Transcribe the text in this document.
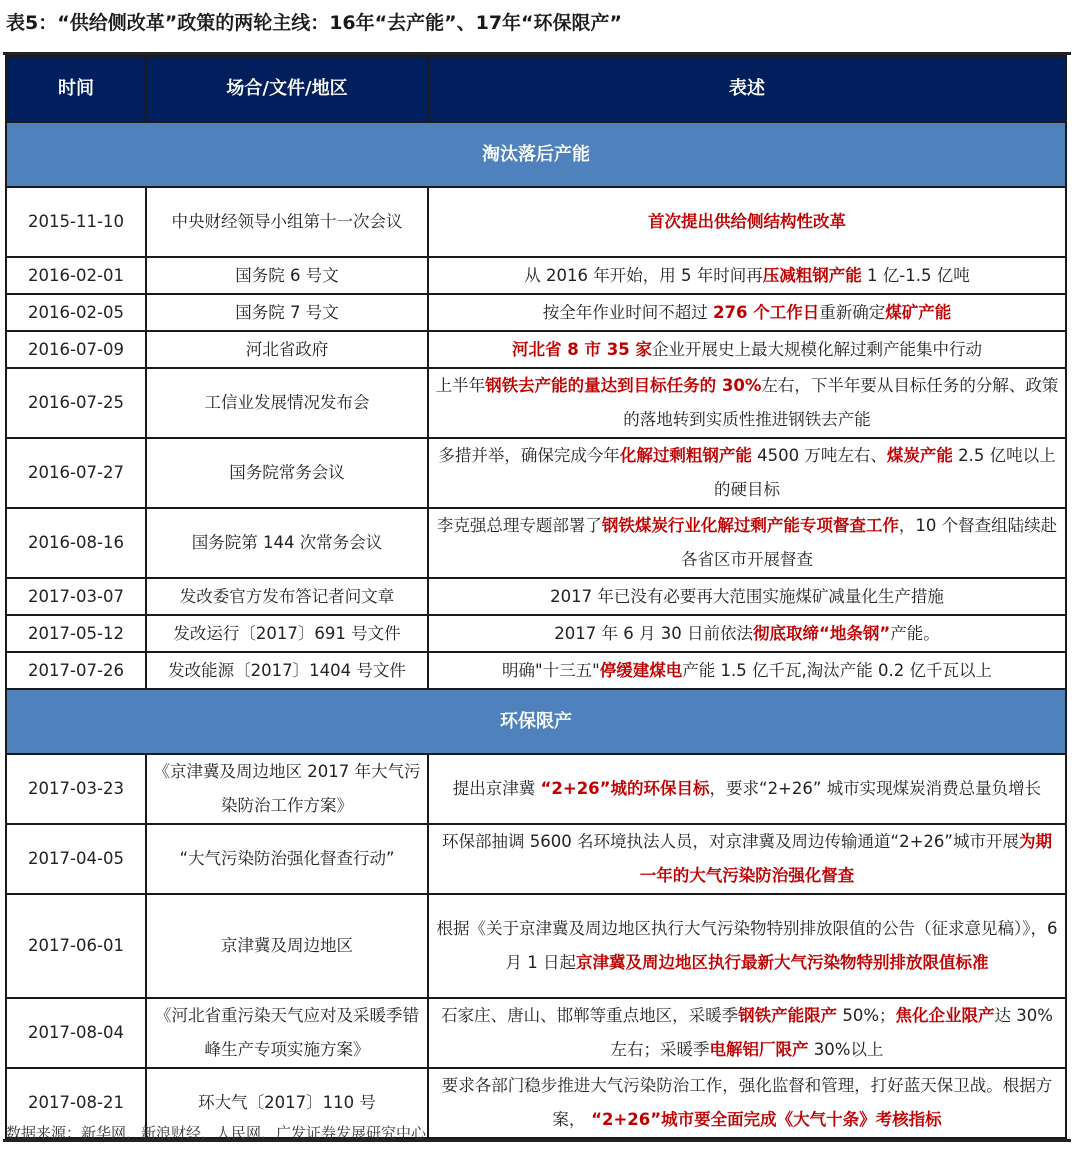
表5：“供给侧改革”政策的两轮主线：16年“去产能”、17年“环保限产”
时间	场合/文件/地区	表述
淘汰落后产能		
2015-11-10	中央财经领导小组第十一次会议	首次提出供给侧结构性改革
2016-02-01	国务院 6 号文	从 2016 年开始，用 5 年时间再压减粗钢产能 1 亿-1.5 亿吨
2016-02-05	国务院 7 号文	按全年作业时间不超过 276 个工作日重新确定煤矿产能
2016-07-09	河北省政府	河北省 8 市 35 家企业开展史上最大规模化解过剩产能集中行动
2016-07-25	工信业发展情况发布会	上半年钢铁去产能的量达到目标任务的 30%左右，下半年要从目标任务的分解、政策的落地转到实质性推进钢铁去产能
2016-07-27	国务院常务会议	多措并举，确保完成今年化解过剩粗钢产能 4500 万吨左右、煤炭产能 2.5 亿吨以上的硬目标
2016-08-16	国务院第 144 次常务会议	李克强总理专题部署了钢铁煤炭行业化解过剩产能专项督查工作，10 个督查组陆续赴各省区市开展督查
2017-03-07	发改委官方发布答记者问文章	2017 年已没有必要再大范围实施煤矿减量化生产措施
2017-05-12	发改运行〔2017〕691 号文件	2017 年 6 月 30 日前依法彻底取缔“地条钢”产能。
2017-07-26	发改能源〔2017〕1404 号文件	明确"十三五"停缓建煤电产能 1.5 亿千瓦,淘汰产能 0.2 亿千瓦以上
环保限产		
2017-03-23	《京津冀及周边地区 2017 年大气污染防治工作方案》	提出京津冀 “2+26”城的环保目标，要求“2+26” 城市实现煤炭消费总量负增长
2017-04-05	“大气污染防治强化督查行动”	环保部抽调 5600 名环境执法人员，对京津冀及周边传输通道“2+26”城市开展为期一年的大气污染防治强化督查
2017-06-01	京津冀及周边地区	根据《关于京津冀及周边地区执行大气污染物特别排放限值的公告（征求意见稿）》，6 月 1 日起京津冀及周边地区执行最新大气污染物特别排放限值标准
2017-08-04	《河北省重污染天气应对及采暖季错峰生产专项实施方案》	石家庄、唐山、邯郸等重点地区，采暖季钢铁产能限产 50%；焦化企业限产达 30%左右；采暖季电解铝厂限产 30%以上
2017-08-21	环大气〔2017〕110 号	要求各部门稳步推进大气污染防治工作，强化监督和管理，打好蓝天保卫战。根据方案， “2+26”城市要全面完成《大气十条》考核指标
数据来源：新华网，新浪财经，人民网，广发证券发展研究中心
